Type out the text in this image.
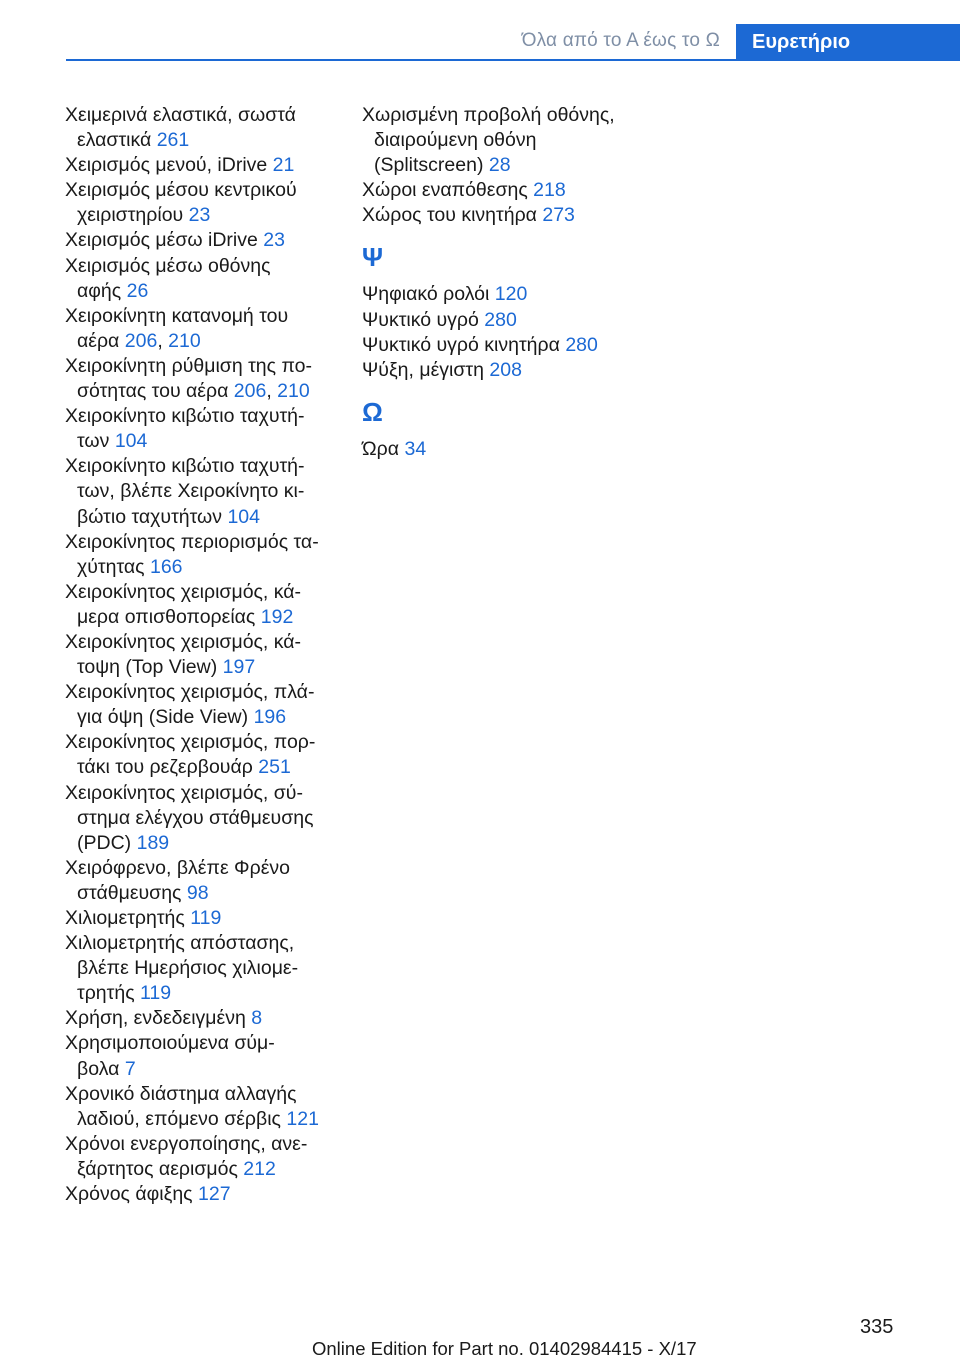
Όλα από το Α έως το Ω	Ευρετήριο
Χειμερινά ελαστικά, σωστά
ελαστικά 261
Χειρισμός μενού, iDrive 21
Χειρισμός μέσου κεντρικού
χειριστηρίου 23
Χειρισμός μέσω iDrive 23
Χειρισμός μέσω οθόνης
αφής 26
Χειροκίνητη κατανομή του
αέρα 206, 210
Χειροκίνητη ρύθμιση της πο-
σότητας του αέρα 206, 210
Χειροκίνητο κιβώτιο ταχυτή-
των 104
Χειροκίνητο κιβώτιο ταχυτή-
των, βλέπε Χειροκίνητο κι-
βώτιο ταχυτήτων 104
Χειροκίνητος περιορισμός τα-
χύτητας 166
Χειροκίνητος χειρισμός, κά-
μερα οπισθοπορείας 192
Χειροκίνητος χειρισμός, κά-
τοψη (Top View) 197
Χειροκίνητος χειρισμός, πλά-
για όψη (Side View) 196
Χειροκίνητος χειρισμός, πορ-
τάκι του ρεζερβουάρ 251
Χειροκίνητος χειρισμός, σύ-
στημα ελέγχου στάθμευσης
(PDC) 189
Χειρόφρενο, βλέπε Φρένο
στάθμευσης 98
Χιλιομετρητής 119
Χιλιομετρητής απόστασης,
βλέπε Ημερήσιος χιλιομε-
τρητής 119
Χρήση, ενδεδειγμένη 8
Χρησιμοποιούμενα σύμ-
βολα 7
Χρονικό διάστημα αλλαγής
λαδιού, επόμενο σέρβις 121
Χρόνοι ενεργοποίησης, ανε-
ξάρτητος αερισμός 212
Χρόνος άφιξης 127
Χωρισμένη προβολή οθόνης,
διαιρούμενη οθόνη
(Splitscreen) 28
Χώροι εναπόθεσης 218
Χώρος του κινητήρα 273
Ψ
Ψηφιακό ρολόι 120
Ψυκτικό υγρό 280
Ψυκτικό υγρό κινητήρα 280
Ψύξη, μέγιστη 208
Ω
Ώρα 34
335
Online Edition for Part no. 01402984415 - X/17
